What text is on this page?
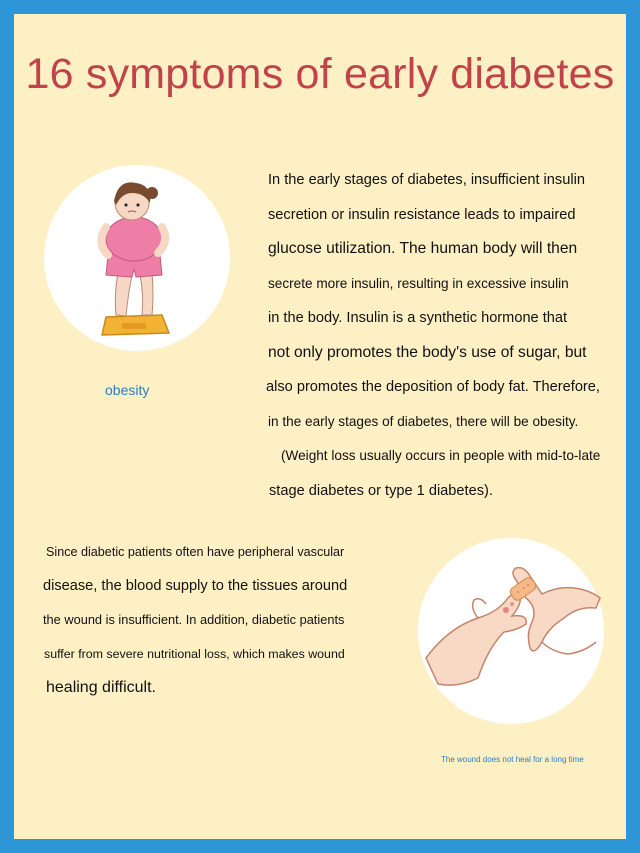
16 symptoms of early diabetes
obesity
In the early stages of diabetes, insufficient insulin
secretion or insulin resistance leads to impaired
glucose utilization. The human body will then
secrete more insulin, resulting in excessive insulin
in the body. Insulin is a synthetic hormone that
not only promotes the body's use of sugar, but
also promotes the deposition of body fat. Therefore,
in the early stages of diabetes, there will be obesity.
(Weight loss usually occurs in people with mid-to-late
stage diabetes or type 1 diabetes).
Since diabetic patients often have peripheral vascular
disease, the blood supply to the tissues around
the wound is insufficient. In addition, diabetic patients
suffer from severe nutritional loss, which makes wound
healing difficult.
The wound does not heal for a long time
